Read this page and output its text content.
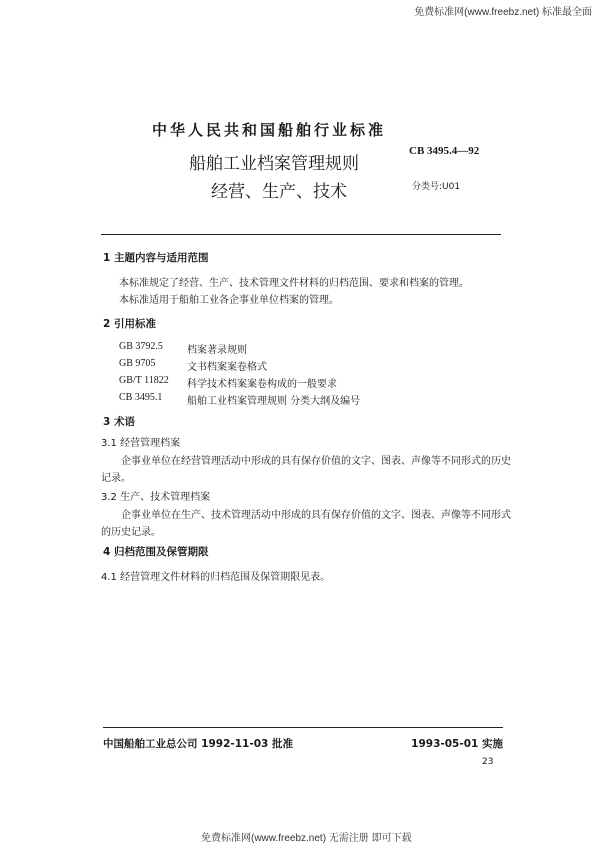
免费标准网(www.freebz.net) 标准最全面
中华人民共和国船舶行业标准
CB 3495.4—92
船舶工业档案管理规则
经营、生产、技术	分类号:U01
1 主题内容与适用范围
本标准规定了经营、生产、技术管理文件材料的归档范围、要求和档案的管理。
本标准适用于船舶工业各企事业单位档案的管理。
2 引用标准
GB 3792.5 档案著录规则
GB 9705	文书档案案卷格式
GB/T 11822 科学技术档案案卷构成的一般要求
CB 3495.1 船舶工业档案管理规则 分类大纲及编号
3 术语
3.1 经营管理档案
企事业单位在经营管理活动中形成的具有保存价值的文字、图表、声像等不同形式的历史
记录。
3.2 生产、技术管理档案
企事业单位在生产、技术管理活动中形成的具有保存价值的文字、图表、声像等不同形式
的历史记录。
4 归档范围及保管期限
4.1 经营管理文件材料的归档范围及保管期限见表。
中国船舶工业总公司 1992-11-03 批准	1993-05-01 实施
23
免费标准网(www.freebz.net) 无需注册 即可下载
